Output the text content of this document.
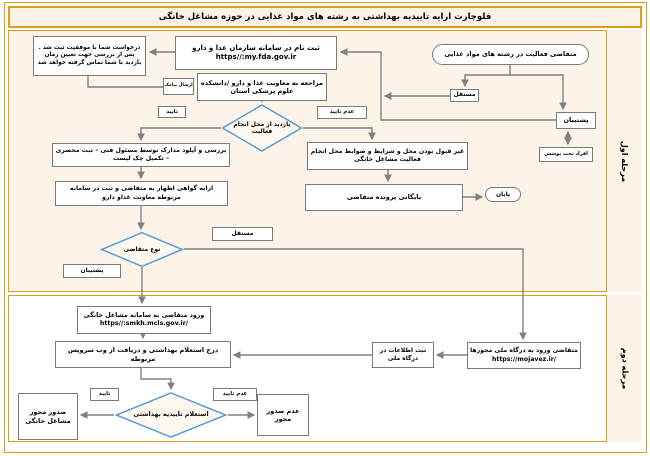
فلوچارت ارایه تاییدیه بهداشتی به رشته های مواد غذایی در حوزه مشاغل خانگی
مرحله اول
مرحله دوم
متقاضی فعالیت در رشته های مواد غذایی
مستقل
پشتیبان
افراد تحت پوشش
ثبت نام در سامانه سازمان غذا و دارو
https//:my.fda.gov.ir
ارسال پیامک
درخواست شما با موفقیت ثبت شد . پس از بررسی جهت تعیین زمان بازدید با شما تماس گرفته خواهد شد
مراجعه به معاونت غذا و دارو /دانشکده علوم پزشکی استان
تایید	عدم تایید
بازدید از محل انجام فعالیت
غیر قبول بودن محل و شرایط و ضوابط محل انجام فعالیت مشاغل خانگی
بایگانی پرونده متقاضی	پایان
بررسی و آپلود مدارک توسط مسئول فنی – ثبت محضری – تکمیل چک لیست
ارایه گواهی اظهار به متقاضی و ثبت در سامانه مربوطه معاونت غذاو دارو
نوع متقاضی
مستقل
پشتیبان
ورود متقاضی به سامانه مشاغل خانگی
https//:smkh.mcls.gov.ir/
درج استعلام بهداشتی و دریافت از وب سرویس مربوطه
متقاضی ورود به درگاه ملی مجوزها
https://mojavez.ir/
ثبت اطلاعات در درگاه ملی
استعلام تاییدیه بهداشتی
تایید	عدم تایید
صدور مجوز مشاغل خانگی
عدم صدور مجوز
